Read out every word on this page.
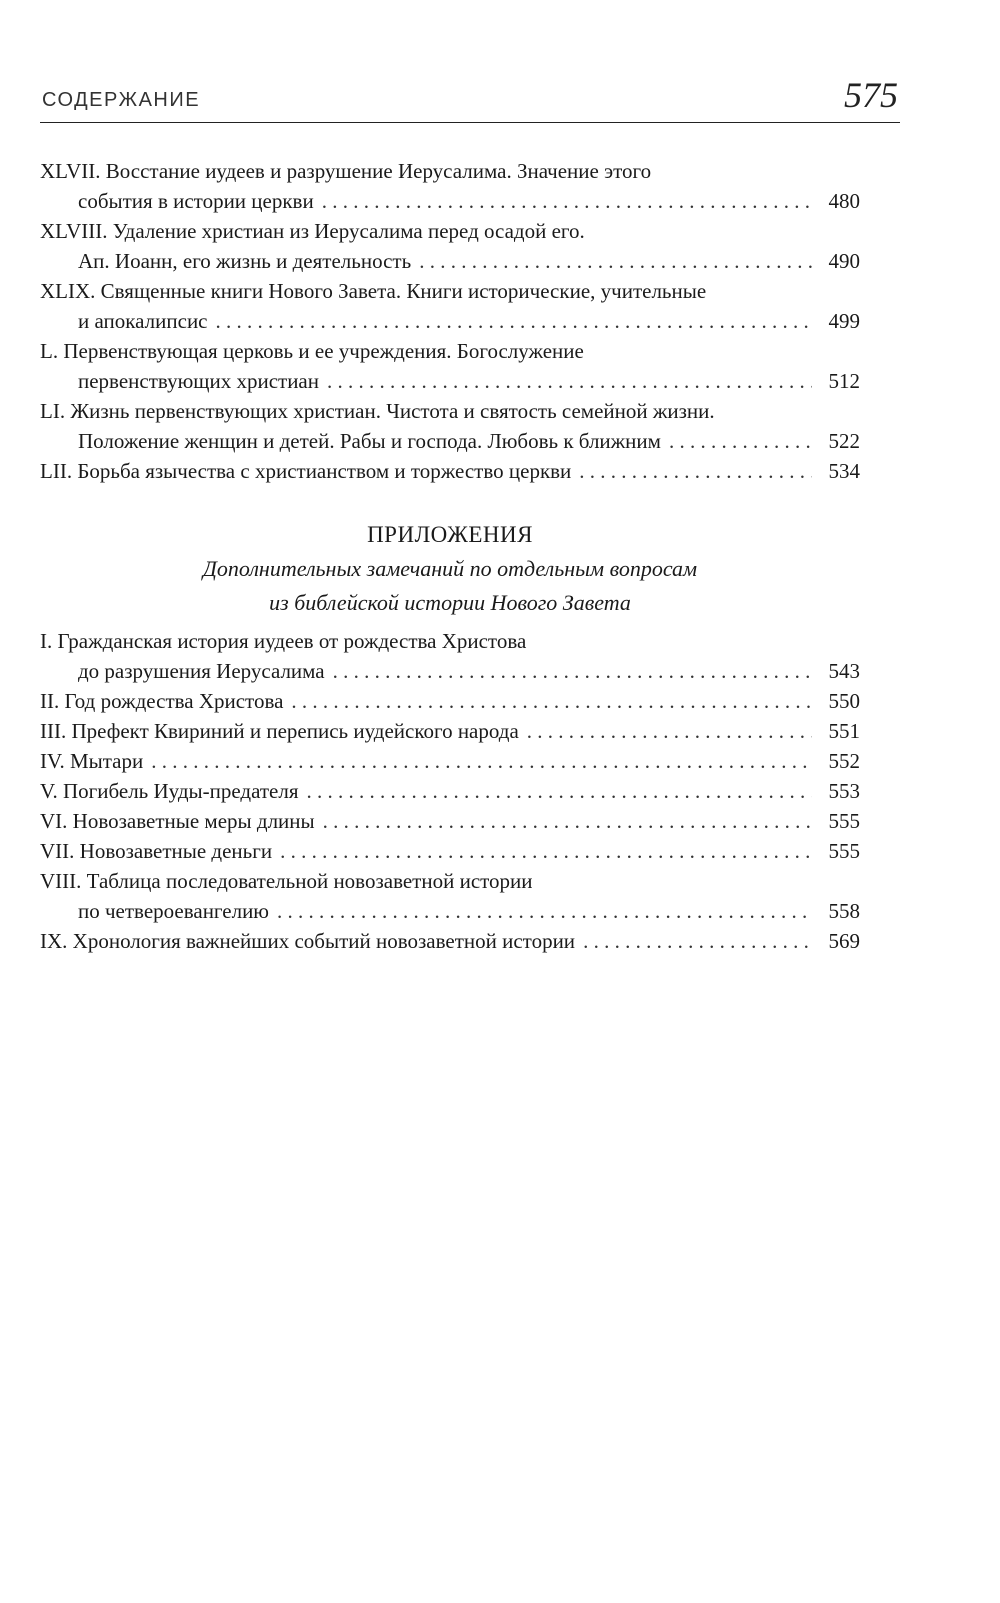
СОДЕРЖАНИЕ	575
XLVII. Восстание иудеев и разрушение Иерусалима. Значение этого
события в истории церкви . . .	480
XLVIII. Удаление христиан из Иерусалима перед осадой его.
Ап. Иоанн, его жизнь и деятельность . . .	490
XLIX. Священные книги Нового Завета. Книги исторические, учительные
и апокалипсис . . .	499
L. Первенствующая церковь и ее учреждения. Богослужение
первенствующих христиан . . .	512
LI. Жизнь первенствующих христиан. Чистота и святость семейной жизни.
Положение женщин и детей. Рабы и господа. Любовь к ближним . . .	522
LII. Борьба язычества с христианством и торжество церкви . . .	534
ПРИЛОЖЕНИЯ
Дополнительных замечаний по отдельным вопросам
из библейской истории Нового Завета
I. Гражданская история иудеев от рождества Христова
до разрушения Иерусалима . . .	543
II. Год рождества Христова . . .	550
III. Префект Квириний и перепись иудейского народа . . .	551
IV. Мытари . . .	552
V. Погибель Иуды-предателя . . .	553
VI. Новозаветные меры длины . . .	555
VII. Новозаветные деньги . . .	555
VIII. Таблица последовательной новозаветной истории
по четвероевангелию . . .	558
IX. Хронология важнейших событий новозаветной истории . . .	569
